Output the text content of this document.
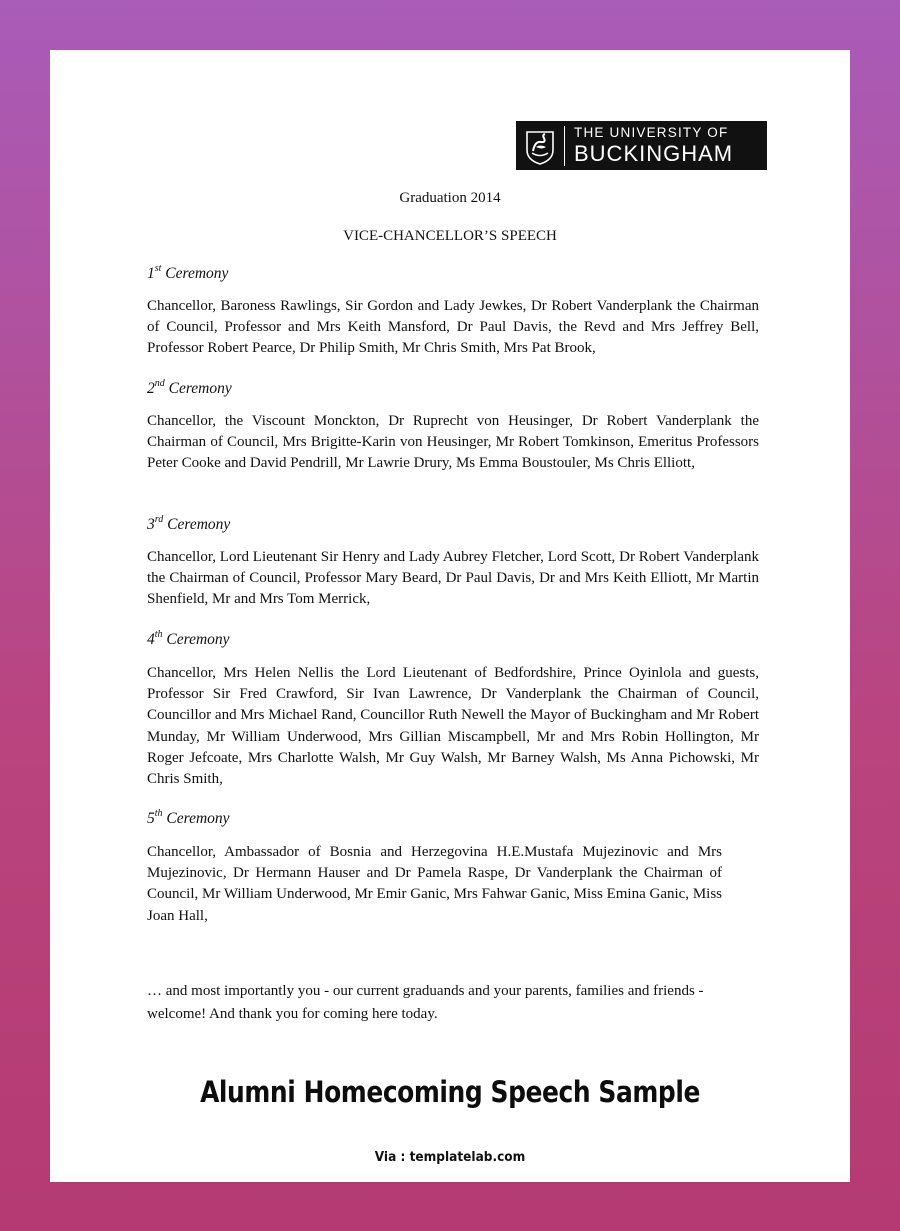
THE UNIVERSITY OF
BUCKINGHAM
Graduation 2014
VICE-CHANCELLOR’S SPEECH
1st Ceremony

Chancellor, Baroness Rawlings, Sir Gordon and Lady Jewkes, Dr Robert Vanderplank the Chairman of Council, Professor and Mrs Keith Mansford, Dr Paul Davis, the Revd and Mrs Jeffrey Bell, Professor Robert Pearce, Dr Philip Smith, Mr Chris Smith, Mrs Pat Brook,

2nd Ceremony

Chancellor, the Viscount Monckton, Dr Ruprecht von Heusinger, Dr Robert Vanderplank the Chairman of Council, Mrs Brigitte-Karin von Heusinger, Mr Robert Tomkinson, Emeritus Professors Peter Cooke and David Pendrill, Mr Lawrie Drury, Ms Emma Boustouler, Ms Chris Elliott,

3rd Ceremony

Chancellor, Lord Lieutenant Sir Henry and Lady Aubrey Fletcher, Lord Scott, Dr Robert Vanderplank the Chairman of Council, Professor Mary Beard, Dr Paul Davis, Dr and Mrs Keith Elliott, Mr Martin Shenfield, Mr and Mrs Tom Merrick,

4th Ceremony

Chancellor, Mrs Helen Nellis the Lord Lieutenant of Bedfordshire, Prince Oyinlola and guests, Professor Sir Fred Crawford, Sir Ivan Lawrence, Dr Vanderplank the Chairman of Council, Councillor and Mrs Michael Rand, Councillor Ruth Newell the Mayor of Buckingham and Mr Robert Munday, Mr William Underwood, Mrs Gillian Miscampbell, Mr and Mrs Robin Hollington, Mr Roger Jefcoate, Mrs Charlotte Walsh, Mr Guy Walsh, Mr Barney Walsh, Ms Anna Pichowski, Mr Chris Smith,

5th Ceremony

Chancellor, Ambassador of Bosnia and Herzegovina H.E.Mustafa Mujezinovic and Mrs Mujezinovic, Dr Hermann Hauser and Dr Pamela Raspe, Dr Vanderplank the Chairman of Council, Mr William Underwood, Mr Emir Ganic, Mrs Fahwar Ganic, Miss Emina Ganic, Miss Joan Hall,

… and most importantly you - our current graduands and your parents, families and friends - welcome! And thank you for coming here today.

Alumni Homecoming Speech Sample
Via : templatelab.com
